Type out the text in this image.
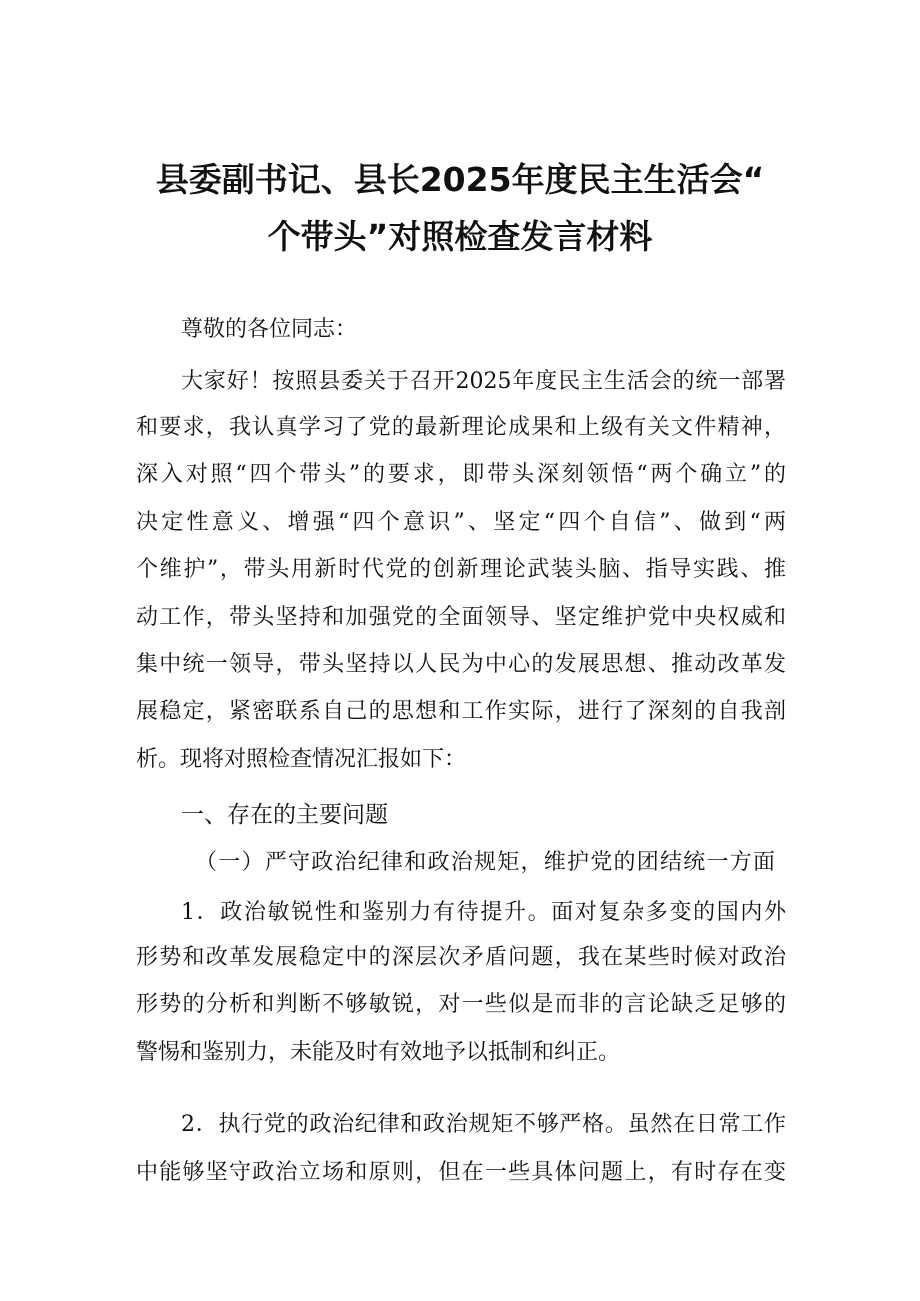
县委副书记、县长2025年度民主生活会“
个带头”对照检查发言材料
尊敬的各位同志：
大家好！按照县委关于召开2025年度民主生活会的统一部署
和要求，我认真学习了党的最新理论成果和上级有关文件精神，
深入对照“四个带头”的要求，即带头深刻领悟“两个确立”的
决定性意义、增强“四个意识”、坚定“四个自信”、做到“两
个维护”，带头用新时代党的创新理论武装头脑、指导实践、推
动工作，带头坚持和加强党的全面领导、坚定维护党中央权威和
集中统一领导，带头坚持以人民为中心的发展思想、推动改革发
展稳定，紧密联系自己的思想和工作实际，进行了深刻的自我剖
析。现将对照检查情况汇报如下：
一、存在的主要问题
（一）严守政治纪律和政治规矩，维护党的团结统一方面
1．政治敏锐性和鉴别力有待提升。面对复杂多变的国内外
形势和改革发展稳定中的深层次矛盾问题，我在某些时候对政治
形势的分析和判断不够敏锐，对一些似是而非的言论缺乏足够的
警惕和鉴别力，未能及时有效地予以抵制和纠正。
2．执行党的政治纪律和政治规矩不够严格。虽然在日常工作
中能够坚守政治立场和原则，但在一些具体问题上，有时存在变
